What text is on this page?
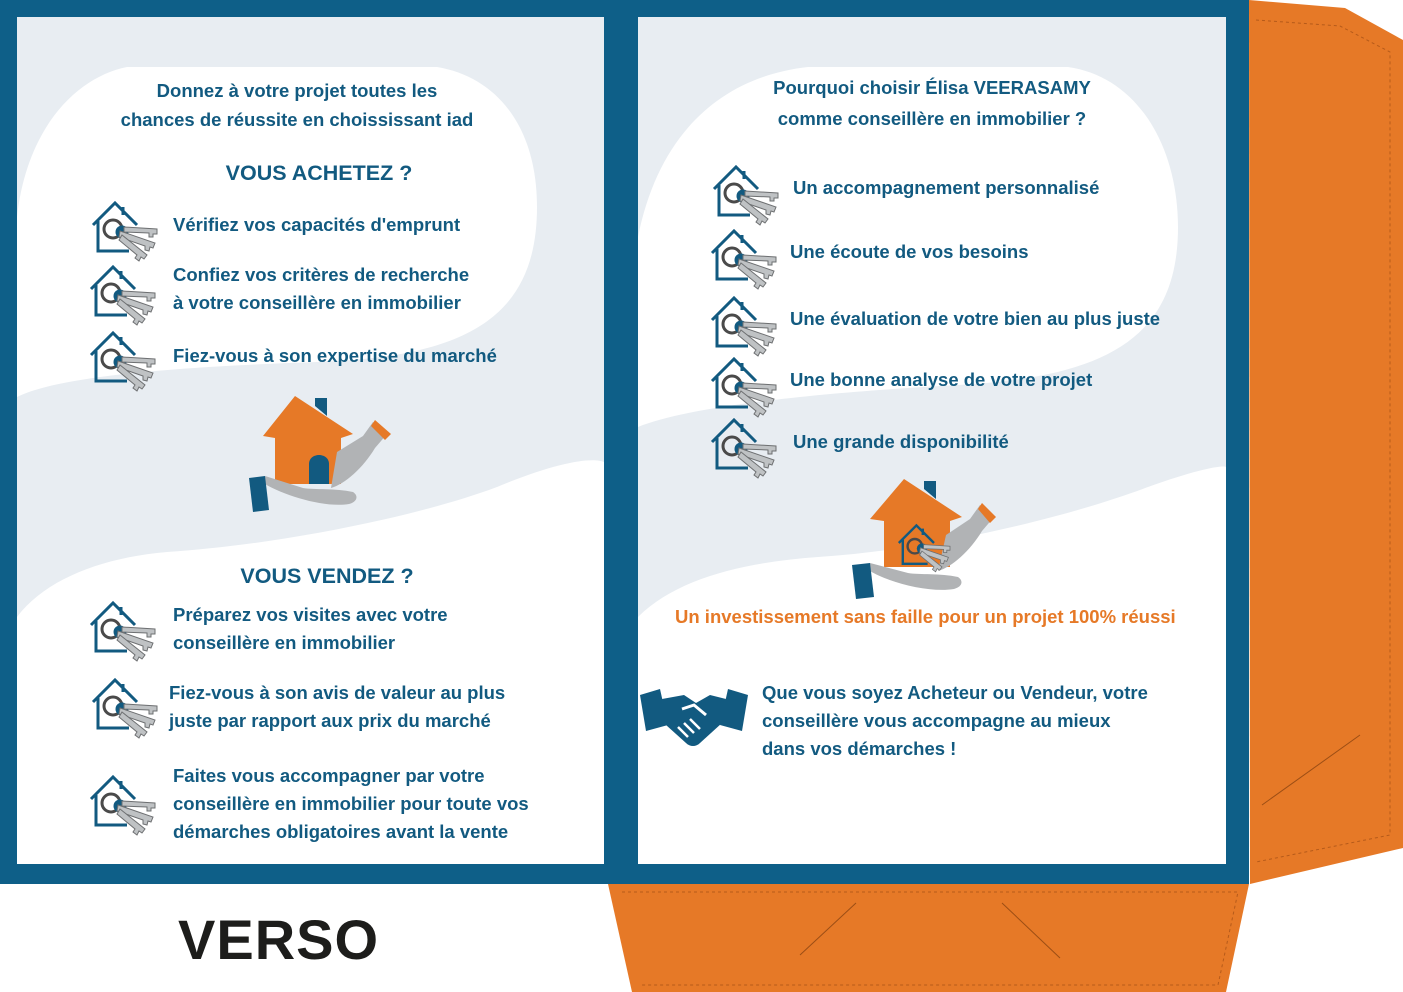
Donnez à votre projet toutes les
chances de réussite en choississant iad
VOUS ACHETEZ ?
Vérifiez vos capacités d'emprunt
Confiez vos critères de recherche
à votre conseillère en immobilier
Fiez-vous à son expertise du marché
VOUS VENDEZ ?
Préparez vos visites avec votre
conseillère en immobilier
Fiez-vous à son avis de valeur au plus
juste par rapport aux prix du marché
Faites vous accompagner par votre
conseillère en immobilier pour toute vos
démarches obligatoires avant la vente
Pourquoi choisir Élisa VEERASAMY
comme conseillère en immobilier ?
Un accompagnement personnalisé
Une écoute de vos besoins
Une évaluation de votre bien au plus juste
Une bonne analyse de votre projet
Une grande disponibilité
Un investissement sans faille pour un projet 100% réussi
Que vous soyez Acheteur ou Vendeur, votre
conseillère vous accompagne au mieux
dans vos démarches !
VERSO
